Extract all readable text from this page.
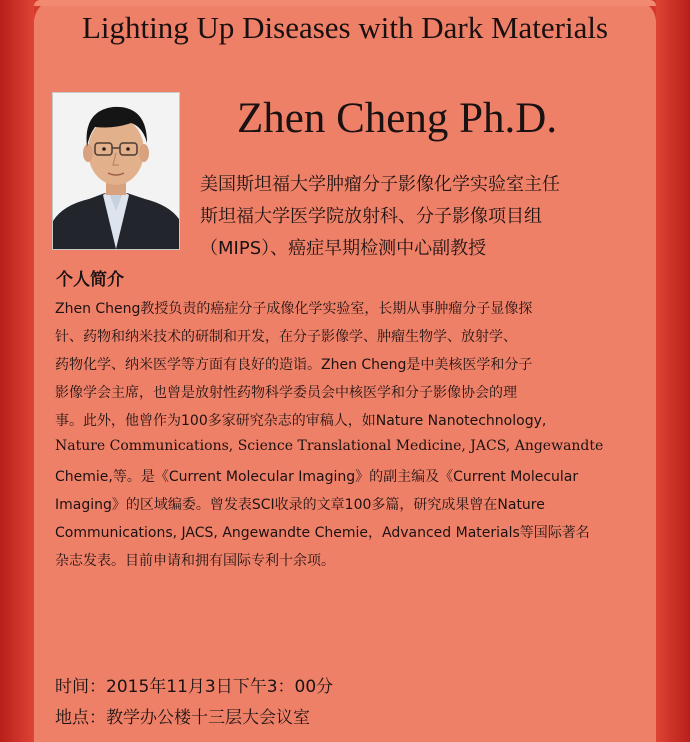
Lighting Up Diseases with Dark Materials
Zhen Cheng Ph.D.
美国斯坦福大学肿瘤分子影像化学实验室主任
斯坦福大学医学院放射科、分子影像项目组
（MIPS）、癌症早期检测中心副教授
个人简介
Zhen Cheng教授负责的癌症分子成像化学实验室，长期从事肿瘤分子显像探
针、药物和纳米技术的研制和开发，在分子影像学、肿瘤生物学、放射学、
药物化学、纳米医学等方面有良好的造诣。Zhen Cheng是中美核医学和分子
影像学会主席，也曾是放射性药物科学委员会中核医学和分子影像协会的理
事。此外，他曾作为100多家研究杂志的审稿人，如Nature Nanotechnology,
Nature Communications, Science Translational Medicine, JACS, Angewandte
Chemie,等。是《Current Molecular Imaging》的副主编及《Current Molecular
Imaging》的区域编委。曾发表SCI收录的文章100多篇，研究成果曾在Nature
Communications, JACS, Angewandte Chemie，Advanced Materials等国际著名
杂志发表。目前申请和拥有国际专利十余项。
时间：2015年11月3日下午3：00分
地点：教学办公楼十三层大会议室
